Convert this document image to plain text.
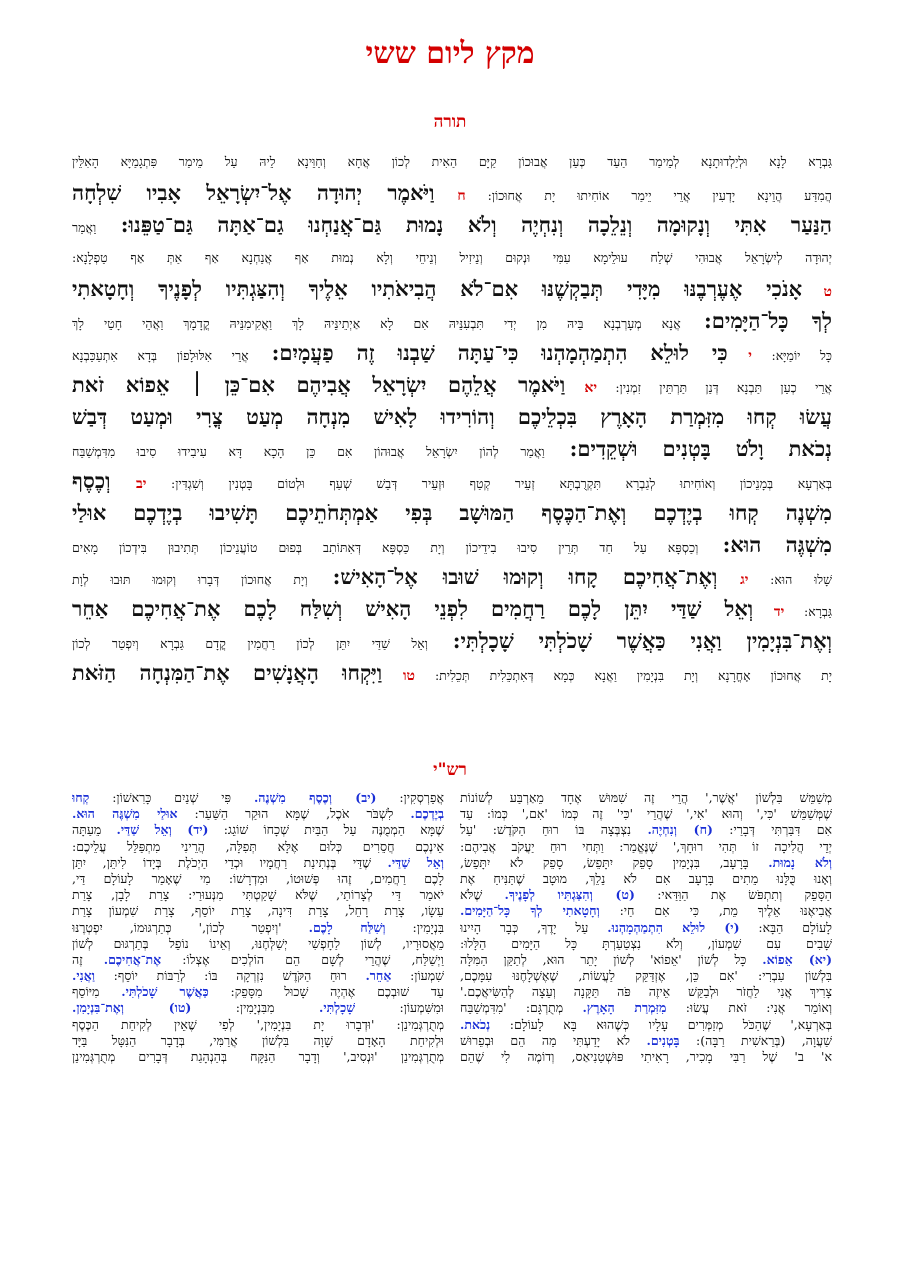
מקץ ליום ששי
תורה
גַּבְרָא לָנָא וּלְיַלְדוּתָנָא לְמֵימַר הַעַד כְּעַן אֲבוּכוֹן קַיָּם הַאִית לְכוֹן אֲחָא וְחַוֵּינָא לֵיהּ עַל מֵימַר פִּתְגָמַיָּא הָאִלֵּין
הֲמִדַּע הֲוֵינָא יָדְעִין אֲרֵי יֵימַר אוֹחִיתוּ יָת אֲחוּכוֹן: ח וַיֹּאמֶר יְהוּדָה אֶל־יִשְׂרָאֵל אָבִיו שִׁלְחָה
הַנַּעַר אִתִּי וְנָקוּמָה וְנֵלֵכָה וְנִחְיֶה וְלֹא נָמוּת גַּם־אֲנַחְנוּ גַם־אַתָּה גַּם־טַפֵּנוּ: וַאֲמַר
יְהוּדָה לְיִשְׂרָאֵל אֲבוּהִי שְׁלַח עוּלֵימָא עִמִּי וּנְקוּם וְנֵיזִיל וְנֵיחֵי וְלָא נְמוּת אַף אֲנַחְנָא אַף אַתְּ אַף טַפְלָנָא:
ט אָנֹכִי אֶעֶרְבֶנּוּ מִיָּדִי תְּבַקְשֶׁנּוּ אִם־לֹא הֲבִיאֹתִיו אֵלֶיךָ וְהִצַּגְתִּיו לְפָנֶיךָ וְחָטָאתִי
לְךָ כָּל־הַיָּמִים: אֲנָא מְעָרְבְנָא בֵּיהּ מִן יְדִי תִּבְעִנֵּיהּ אִם לָא אַיְתֵינֵּיהּ לָךְ וַאֲקִימִנֵּיהּ קֳדָמָךְ וַאֲהֵי חָטֵי לָךְ
כָּל יוֹמַיָּא: י כִּי לוּלֵא הִתְמַהְמָהְנוּ כִּי־עַתָּה שַׁבְנוּ זֶה פַעֲמָיִם: אֲרֵי אִלּוּלָפוֹן בְּדָא אִתְעַכַּבְנָא
אֲרֵי כְעַן תַּבְנָא דְּנַן תַּרְתֵּין זִמְנִין: יא וַיֹּאמֶר אֲלֵהֶם יִשְׂרָאֵל אֲבִיהֶם אִם־כֵּן ׀ אֵפוֹא זֹאת
עֲשׂוּ קְחוּ מִזִּמְרַת הָאָרֶץ בִּכְלֵיכֶם וְהוֹרִידוּ לָאִישׁ מִנְחָה מְעַט צֳרִי וּמְעַט דְּבַשׁ
נְכֹאת וָלֹט בָּטְנִים וּשְׁקֵדִים: וַאֲמַר לְהוֹן יִשְׂרָאֵל אֲבוּהוֹן אִם כֵּן הָכָא דָּא עִיבִידוּ סִיבוּ מִדִּמְשַׁבַּח
בְּאַרְעָא בְּמָנֵיכוֹן וְאוֹחִיתוּ לְגַבְרָא תִּקְרֻבְתָּא זְעֵיר קְטַף וּזְעֵיר דְּבַשׁ שְׁעַף וּלְטוֹם בָּטְנִין וְשִׁגְדִּין: יב וְכֶסֶף
מִשְׁנֶה קְחוּ בְיֶדְכֶם וְאֶת־הַכֶּסֶף הַמּוּשָׁב בְּפִי אַמְתְּחֹתֵיכֶם תָּשִׁיבוּ בְיֶדְכֶם אוּלַי
מִשְׁגֶּה הוּא: וְכַסְפָּא עַל חַד תְּרֵין סִיבוּ בִידֵיכוֹן וְיָת כַּסְפָּא דְּאִתּוֹתַב בְּפוּם טוֹעֲנֵיכוֹן תְּתִיבוּן בִּידְכוֹן מָאִים
שָׁלוּ הוּא: יג וְאֶת־אֲחִיכֶם קָחוּ וְקוּמוּ שׁוּבוּ אֶל־הָאִישׁ: וְיָת אֲחוּכוֹן דְּבָרוּ וְקוּמוּ תּוּבוּ לְוָת
גַּבְרָא: יד וְאֵל שַׁדַּי יִתֵּן לָכֶם רַחֲמִים לִפְנֵי הָאִישׁ וְשִׁלַּח לָכֶם אֶת־אֲחִיכֶם אַחֵר
וְאֶת־בִּנְיָמִין וַאֲנִי כַּאֲשֶׁר שָׁכֹלְתִּי שָׁכָלְתִּי: וְאֵל שַׁדַּי יִתֵּן לְכוֹן רַחֲמִין קֳדָם גַּבְרָא וְיִפְטַר לְכוֹן
יָת אֲחוּכוֹן אָחֳרָנָא וְיָת בִּנְיָמִין וַאֲנָא כְּמָא דְּאִתְכֵּלִית תְּכֵלִית: טו וַיִּקְחוּ הָאֲנָשִׁים אֶת־הַמִּנְחָה הַזֹּאת
רש"י
מְשַׁמֵּשׁ בִּלְשׁוֹן 'אֲשֶׁר,' הֲרֵי זֶה שִׁמּוּשׁ אֶחָד מֵאַרְבַּע לְשׁוֹנוֹת
שֶׁמְּשַׁמֵּשׁ 'כִּי,' וְהוּא 'אִי,' שֶׁהֲרֵי 'כִּי' זֶה כְּמוֹ 'אִם,' כְּמוֹ: עַד
אִם דִּבַּרְתִּי דְּבָרַי: (ח) וְנִחְיֶה. נִצְבְּצָה בּוֹ רוּחַ הַקֹּדֶשׁ: 'עַל
יְדֵי הֲלִיכָה זוֹ תְּהִי רוּחָךְ,' שֶׁנֶּאֱמַר: וַתְּחִי רוּחַ יַעֲקֹב אֲבִיהֶם:
וְלֹא נָמוּת. בָּרָעָב, בִּנְיָמִין סָפֵק יִתָּפֵשׂ, סָפֵק לֹא יִתָּפֵשׂ,
וְאָנוּ כֻּלָּנוּ מֵתִים בָּרָעָב אִם לֹא נֵלֵךְ, מוּטָב שֶׁתַּנִּיחַ אֶת
הַסָּפֵק וְתִתְפֹּשׂ אֶת הַוַּדַּאי: (ט) וְהִצַּגְתִּיו לְפָנֶיךָ. שֶׁלֹּא
אֲבִיאֶנּוּ אֵלֶיךָ מֵת, כִּי אִם חַי: וְחָטָאתִי לְךָ כָּל־הַיָּמִים.
לָעוֹלָם הַבָּא: (י) לוּלֵא הִתְמַהְמָהְנוּ. עַל יָדֶךָ, כְּבָר הָיִינוּ
שָׁבִים עִם שִׁמְעוֹן, וְלֹא נִצְטַעַרְתָּ כָּל הַיָּמִים הַלָּלוּ:
(יא) אֵפוֹא. כָּל לְשׁוֹן 'אֵפוֹא' לְשׁוֹן יָתֵר הוּא, לְתַקֵּן הַמִּלָּה
בִּלְשׁוֹן עִבְרִי: 'אִם כֵּן, אֶזְדַּקֵּק לַעֲשׂוֹת, שֶׁאֶשְׁלָחֶנּוּ עִמָּכֶם,
צָרִיךְ אֲנִי לַחֲזֹר וּלְבַקֵּשׁ אֵיזֶה פֹּה תַּקָּנָה וְעֵצָה לְהַשִּׂיאֲכֶם.'
וְאוֹמֵר אֲנִי: זֹאת עֲשׂוּ: מִזִּמְרַת הָאָרֶץ. מְתֻרְגָּם: 'מִדִּמְשַׁבַּח
בְּאַרְעָא,' שֶׁהַכֹּל מְזַמְּרִים עָלָיו כְּשֶׁהוּא בָּא לָעוֹלָם: נְכֹאת.
שַׁעֲוָה, (בְּרֵאשִׁית רַבָּה): בָּטְנִים. לֹא יָדַעְתִּי מַה הֵם וּבְפֵרוּשׁ
א' ב' שֶׁל רַבִּי מָכִיר, רָאִיתִי פּוּשְׁטַנִיאַס, וְדוֹמֶה לִי שֶׁהֵם
אֲפַרְסְקִין: (יב) וְכֶסֶף מִשְׁנֶה. פִּי שְׁנַיִם כָּרִאשׁוֹן: קְחוּ
בְיֶדְכֶם. לִשְׁבֹּר אֹכֶל, שֶׁמָּא הוּקַר הַשַּׁעַר: אוּלַי מִשְׁגֶּה הוּא.
שֶׁמָּא הַמְמֻנֶּה עַל הַבַּיִת שְׁכָחוֹ שׁוֹגֵג: (יד) וְאֵל שַׁדַּי. מֵעַתָּה
אֵינְכֶם חֲסֵרִים כְּלוּם אֶלָּא תְּפִלָּה, הֲרֵינִי מִתְפַּלֵּל עֲלֵיכֶם:
וְאֵל שַׁדַּי. שֶׁדַּי בְּנְתִינַת רַחֲמָיו וּכְדֵי הַיְכֹלֶת בְּיָדוֹ לִיתֵּן, יִתֵּן
לָכֶם רַחֲמִים, זֶהוּ פְּשׁוּטוֹ, וּמִדְרָשׁוֹ: מִי שֶׁאָמַר לָעוֹלָם דַּי,
יֹאמַר דַּי לְצָרוֹתַי, שֶׁלֹּא שָׁקַטְתִּי מִנְּעוּרַי: צָרַת לָבָן, צָרַת
עֵשָׂו, צָרַת רָחֵל, צָרַת דִּינָה, צָרַת יוֹסֵף, צָרַת שִׁמְעוֹן צָרַת
בִּנְיָמִין: וְשִׁלַּח לָכֶם. 'וְיִפְטַר לְכוֹן,' כְּתַרְגּוּמוֹ, יִפְטְרֶנּוּ
מֵאֲסוּרָיו, לְשׁוֹן לַחָפְשִׁי יְשַׁלְּחֶנּוּ, וְאֵינוֹ נוֹפֵל בְּתַרְגּוּם לְשׁוֹן
וַיְשַׁלַּח, שֶׁהֲרֵי לְשָׁם הֵם הוֹלְכִים אֶצְלוֹ: אֶת־אֲחִיכֶם. זֶה
שִׁמְעוֹן: אַחֵר. רוּחַ הַקֹּדֶשׁ נִזְרְקָה בּוֹ: לְרַבּוֹת יוֹסֵף: וַאֲנִי.
עַד שׁוּבְכֶם אֶהְיֶה שָׁכוּל מִסָּפֵק: כַּאֲשֶׁר שָׁכֹלְתִּי. מִיּוֹסֵף
וּמִשִּׁמְעוֹן: שָׁכָלְתִּי. מִבִּנְיָמִין: (טו) וְאֶת־בִּנְיָמִן.
מְתֻרְגְּמִינַן: 'וּדְבָרוּ יָת בִּנְיָמִין,' לְפִי שֶׁאֵין לְקִיחַת הַכֶּסֶף
וּלְקִיחַת הָאָדָם שָׁוָה בִּלְשׁוֹן אֲרַמִּי, בְּדָבָר הַנִּטָּל בַּיָּד
מְתֻרְגְּמִינַן 'וּנְסִיב,' וְדָבָר הַנִּקָּח בְּהַנְהָגַת דְּבָרִים מְתֻרְגְּמִינַן
